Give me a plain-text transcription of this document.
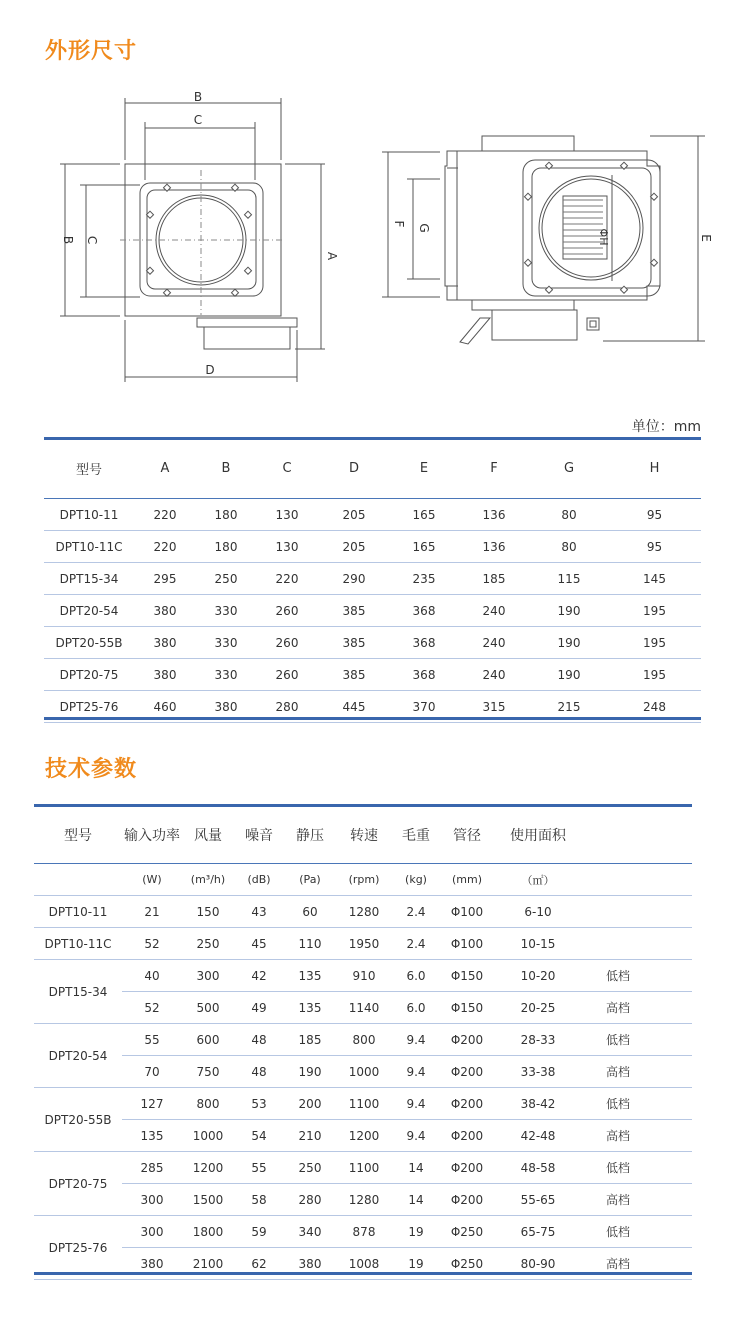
外形尺寸
B
C
B C
A
D
F G
E
ΦH
单位：mm
型号	A	B	C	D	E	F	G	H
DPT10-11	220	180	130	205	165	136	80	95
DPT10-11C	220	180	130	205	165	136	80	95
DPT15-34	295	250	220	290	235	185	115	145
DPT20-54	380	330	260	385	368	240	190	195
DPT20-55B	380	330	260	385	368	240	190	195
DPT20-75	380	330	260	385	368	240	190	195
DPT25-76	460	380	280	445	370	315	215	248
技术参数
型号	输入功率	风量	噪音	静压	转速	毛重	管径	使用面积	
	(W)	(m³/h)	(dB)	(Pa)	(rpm)	(kg)	(mm)	（㎡）	
DPT10-11	21	150	43	60	1280	2.4	Φ100	6-10	
DPT10-11C	52	250	45	110	1950	2.4	Φ100	10-15	
DPT15-34	40	300	42	135	910	6.0	Φ150	10-20	低档
	52	500	49	135	1140	6.0	Φ150	20-25	高档
DPT20-54	55	600	48	185	800	9.4	Φ200	28-33	低档
	70	750	48	190	1000	9.4	Φ200	33-38	高档
DPT20-55B	127	800	53	200	1100	9.4	Φ200	38-42	低档
	135	1000	54	210	1200	9.4	Φ200	42-48	高档
DPT20-75	285	1200	55	250	1100	14	Φ200	48-58	低档
	300	1500	58	280	1280	14	Φ200	55-65	高档
DPT25-76	300	1800	59	340	878	19	Φ250	65-75	低档
	380	2100	62	380	1008	19	Φ250	80-90	高档
